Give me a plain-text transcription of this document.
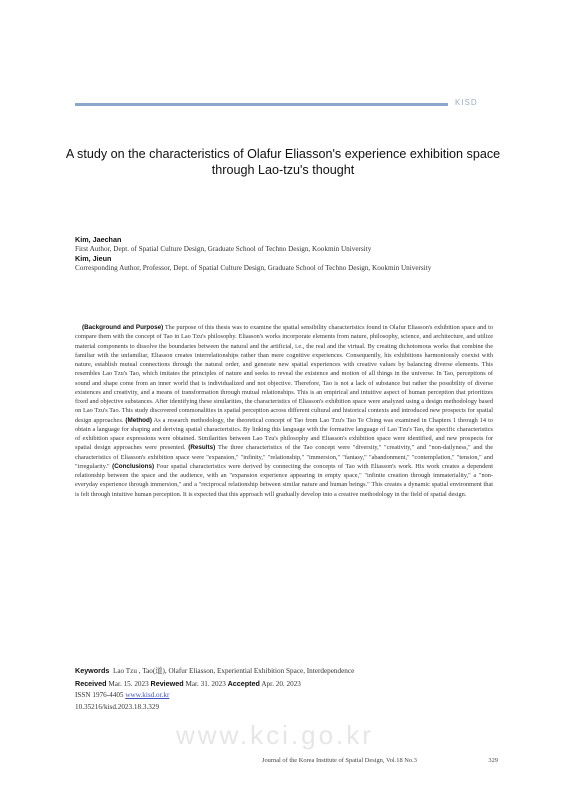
KISD
A study on the characteristics of Olafur Eliasson's experience exhibition space
through Lao-tzu's thought
Kim, Jaechan
First Author, Dept. of Spatial Culture Design, Graduate School of Techno Design, Kookmin University
Kim, Jieun
Corresponding Author, Professor, Dept. of Spatial Culture Design, Graduate School of Techno Design, Kookmin University
(Background and Purpose) The purpose of this thesis was to examine the spatial sensibility characteristics found in Olafur Eliasson's exhibition space and to compare them with the concept of Tao in Lao Tzu's philosophy. Eliasson's works incorporate elements from nature, philosophy, science, and architecture, and utilize material components to dissolve the boundaries between the natural and the artificial, i.e., the real and the virtual. By creating dichotomous works that combine the familiar with the unfamiliar, Eliasson creates interrelationships rather than mere cognitive experiences. Consequently, his exhibitions harmoniously coexist with nature, establish mutual connections through the natural order, and generate new spatial experiences with creative values by balancing diverse elements. This resembles Lao Tzu's Tao, which imitates the principles of nature and seeks to reveal the existence and motion of all things in the universe. In Tao, perceptions of sound and shape come from an inner world that is individualized and not objective. Therefore, Tao is not a lack of substance but rather the possibility of diverse existences and creativity, and a means of transformation through mutual relationships. This is an empirical and intuitive aspect of human perception that prioritizes fixed and objective substances. After identifying these similarities, the characteristics of Eliasson's exhibition space were analyzed using a design methodology based on Lao Tzu's Tao. This study discovered commonalities in spatial perception across different cultural and historical contexts and introduced new prospects for spatial design approaches. (Method) As a research methodology, the theoretical concept of Tao from Lao Tzu's Tao Te Ching was examined in Chapters 1 through 14 to obtain a language for shaping and deriving spatial characteristics. By linking this language with the formative language of Lao Tzu's Tao, the specific characteristics of exhibition space expressions were obtained. Similarities between Lao Tzu's philosophy and Eliasson's exhibition space were identified, and new prospects for spatial design approaches were presented. (Results) The three characteristics of the Tao concept were "diversity," "creativity," and "non-dailyness," and the characteristics of Eliasson's exhibition space were "expansion," "infinity," "relationship," "immersion," "fantasy," "abandonment," "contemplation," "tension," and "irregularity." (Conclusions) Four spatial characteristics were derived by connecting the concepts of Tao with Eliasson's work. His work creates a dependent relationship between the space and the audience, with an "expansion experience appearing in empty space," "infinite creation through immateriality," a "non-everyday experience through immersion," and a "reciprocal relationship between similar nature and human beings." This creates a dynamic spatial environment that is felt through intuitive human perception. It is expected that this approach will gradually develop into a creative methodology in the field of spatial design.
Keywords Lao Tzu , Tao(道), Olafur Eliasson, Experiential Exhibition Space, Interdependence
Received Mar. 15. 2023 Reviewed Mar. 31. 2023 Accepted Apr. 20. 2023
ISSN 1976-4405 www.kisd.or.kr
10.35216/kisd.2023.18.3.329
www.kci.go.kr
Journal of the Korea Institute of Spatial Design, Vol.18 No.3	329
